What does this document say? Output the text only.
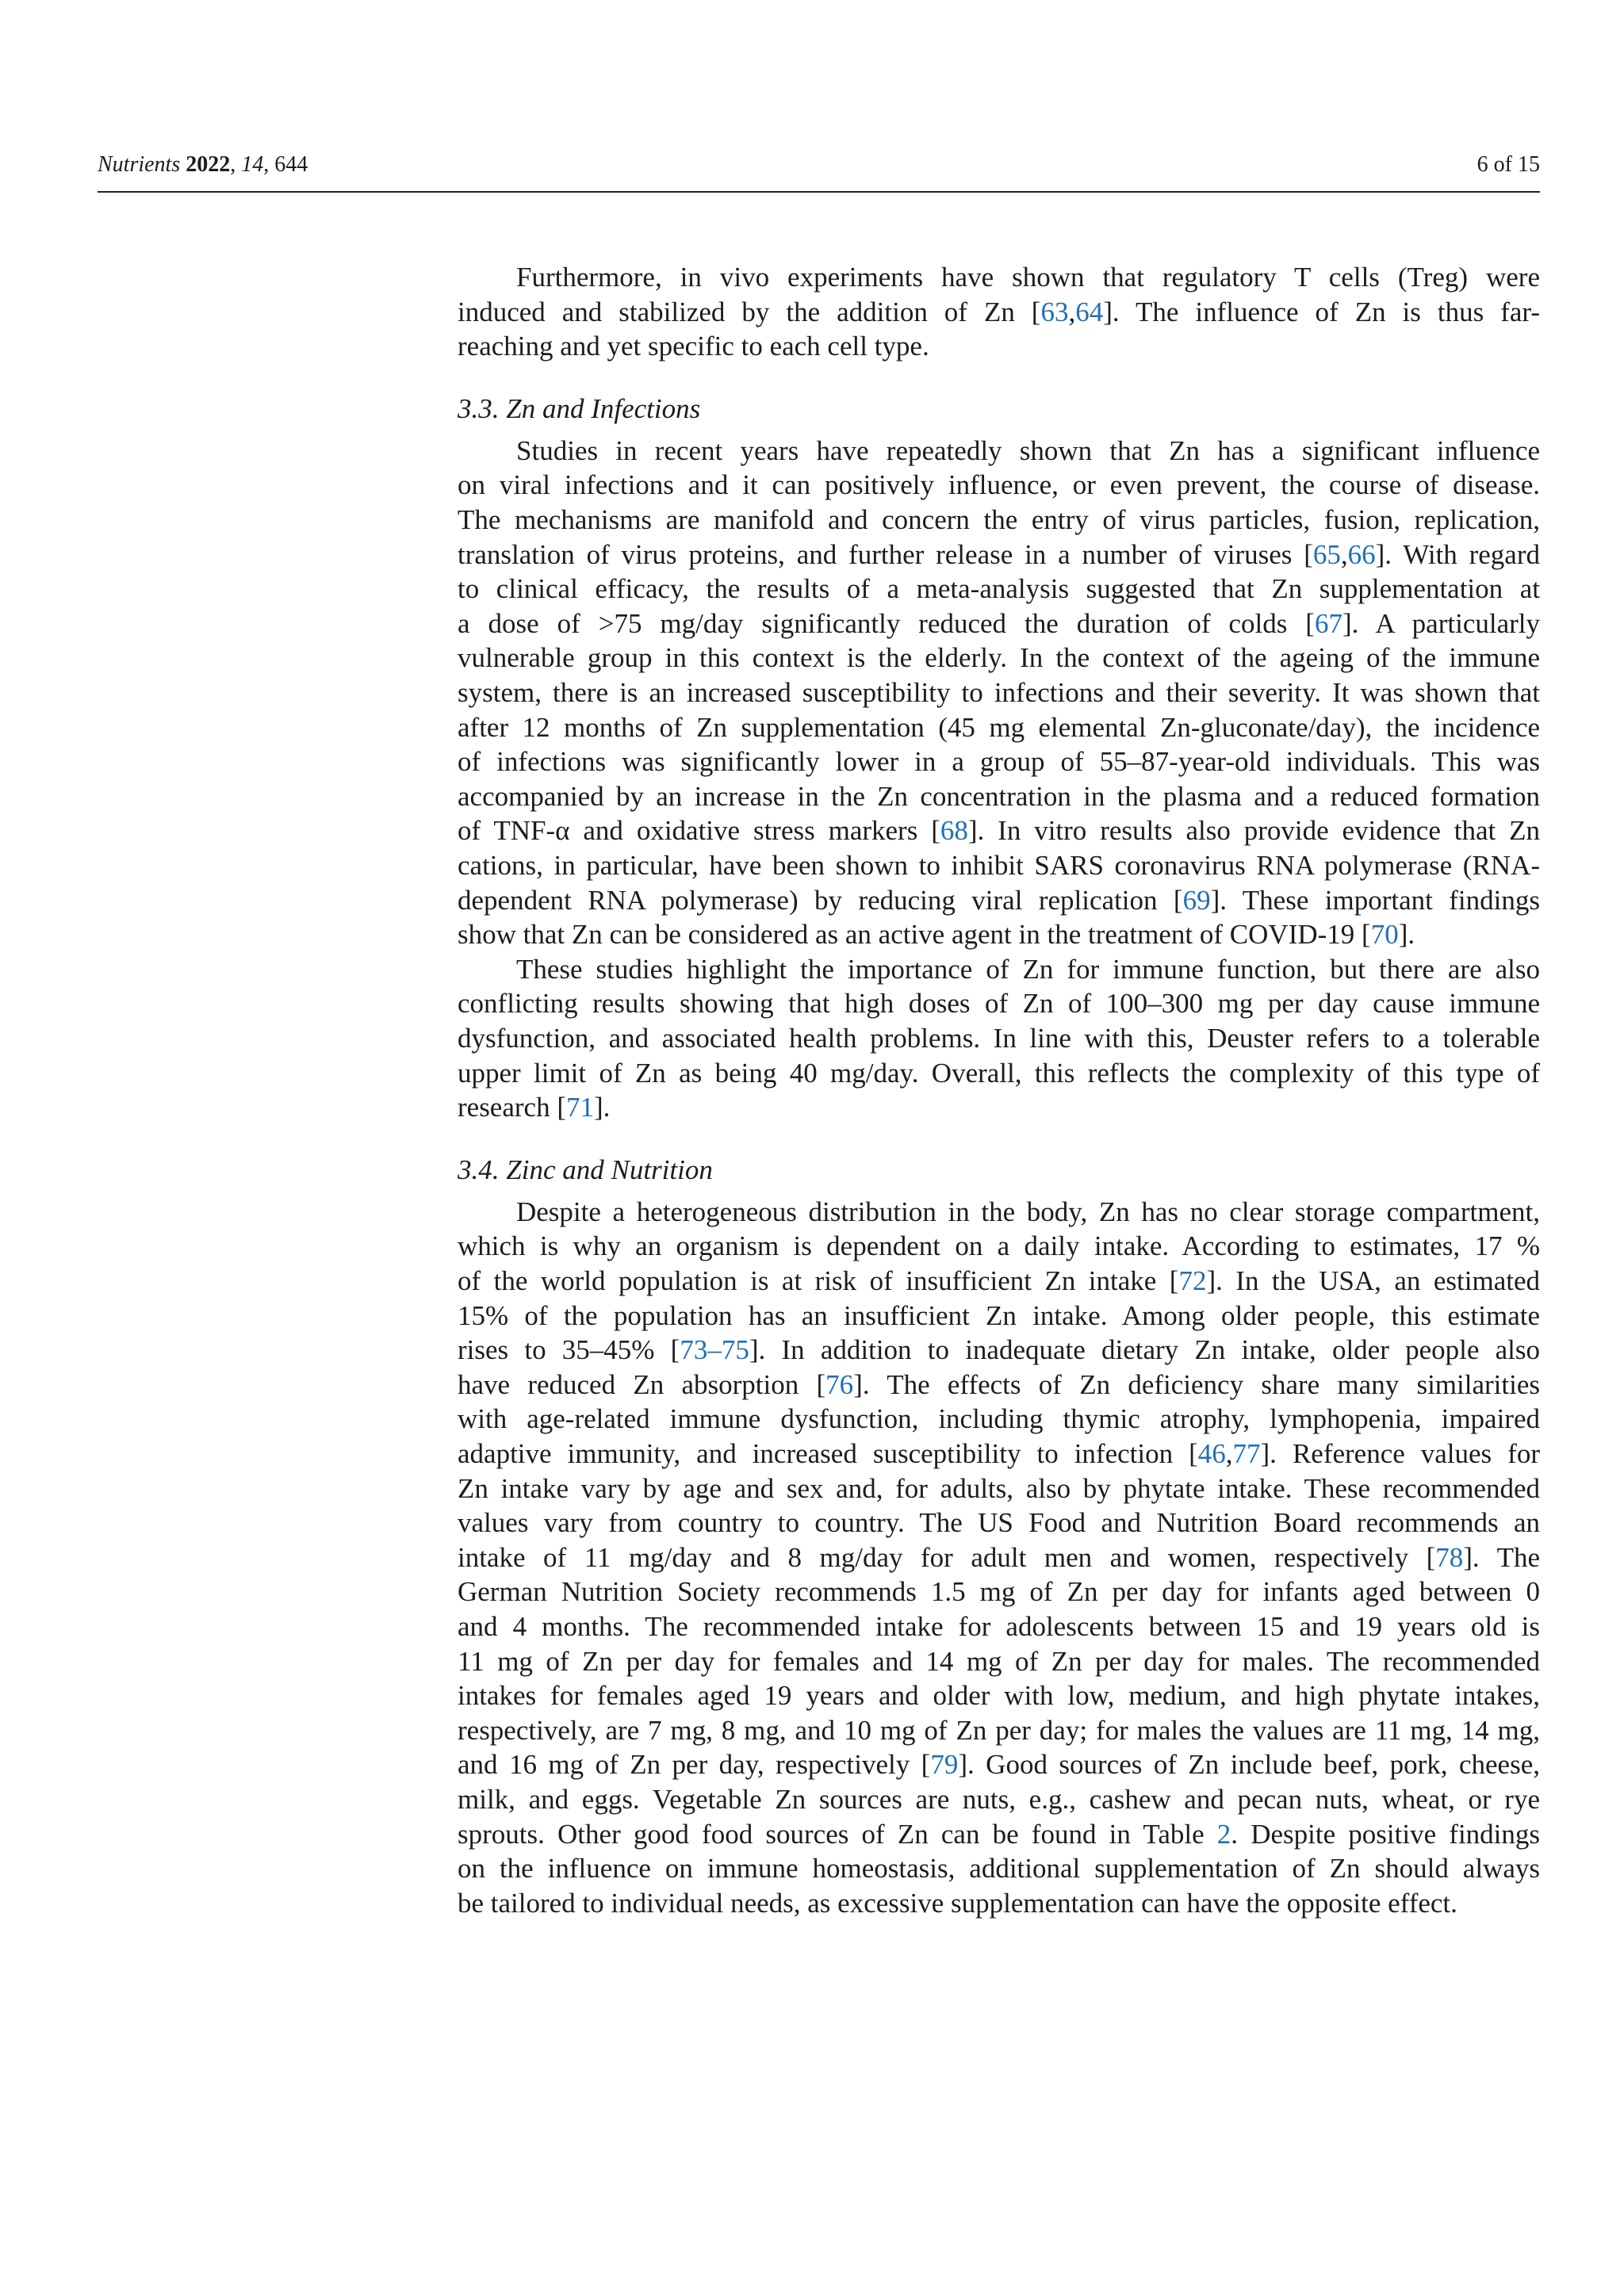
Nutrients 2022, 14, 644	6 of 15
Furthermore, in vivo experiments have shown that regulatory T cells (Treg) were
induced and stabilized by the addition of Zn [63,64]. The influence of Zn is thus far-
reaching and yet specific to each cell type.
3.3. Zn and Infections
Studies in recent years have repeatedly shown that Zn has a significant influence
on viral infections and it can positively influence, or even prevent, the course of disease.
The mechanisms are manifold and concern the entry of virus particles, fusion, replication,
translation of virus proteins, and further release in a number of viruses [65,66]. With regard
to clinical efficacy, the results of a meta-analysis suggested that Zn supplementation at
a dose of >75 mg/day significantly reduced the duration of colds [67]. A particularly
vulnerable group in this context is the elderly. In the context of the ageing of the immune
system, there is an increased susceptibility to infections and their severity. It was shown that
after 12 months of Zn supplementation (45 mg elemental Zn-gluconate/day), the incidence
of infections was significantly lower in a group of 55–87-year-old individuals. This was
accompanied by an increase in the Zn concentration in the plasma and a reduced formation
of TNF-α and oxidative stress markers [68]. In vitro results also provide evidence that Zn
cations, in particular, have been shown to inhibit SARS coronavirus RNA polymerase (RNA-
dependent RNA polymerase) by reducing viral replication [69]. These important findings
show that Zn can be considered as an active agent in the treatment of COVID-19 [70].
These studies highlight the importance of Zn for immune function, but there are also
conflicting results showing that high doses of Zn of 100–300 mg per day cause immune
dysfunction, and associated health problems. In line with this, Deuster refers to a tolerable
upper limit of Zn as being 40 mg/day. Overall, this reflects the complexity of this type of
research [71].
3.4. Zinc and Nutrition
Despite a heterogeneous distribution in the body, Zn has no clear storage compartment,
which is why an organism is dependent on a daily intake. According to estimates, 17 %
of the world population is at risk of insufficient Zn intake [72]. In the USA, an estimated
15% of the population has an insufficient Zn intake. Among older people, this estimate
rises to 35–45% [73–75]. In addition to inadequate dietary Zn intake, older people also
have reduced Zn absorption [76]. The effects of Zn deficiency share many similarities
with age-related immune dysfunction, including thymic atrophy, lymphopenia, impaired
adaptive immunity, and increased susceptibility to infection [46,77]. Reference values for
Zn intake vary by age and sex and, for adults, also by phytate intake. These recommended
values vary from country to country. The US Food and Nutrition Board recommends an
intake of 11 mg/day and 8 mg/day for adult men and women, respectively [78]. The
German Nutrition Society recommends 1.5 mg of Zn per day for infants aged between 0
and 4 months. The recommended intake for adolescents between 15 and 19 years old is
11 mg of Zn per day for females and 14 mg of Zn per day for males. The recommended
intakes for females aged 19 years and older with low, medium, and high phytate intakes,
respectively, are 7 mg, 8 mg, and 10 mg of Zn per day; for males the values are 11 mg, 14 mg,
and 16 mg of Zn per day, respectively [79]. Good sources of Zn include beef, pork, cheese,
milk, and eggs. Vegetable Zn sources are nuts, e.g., cashew and pecan nuts, wheat, or rye
sprouts. Other good food sources of Zn can be found in Table 2. Despite positive findings
on the influence on immune homeostasis, additional supplementation of Zn should always
be tailored to individual needs, as excessive supplementation can have the opposite effect.
